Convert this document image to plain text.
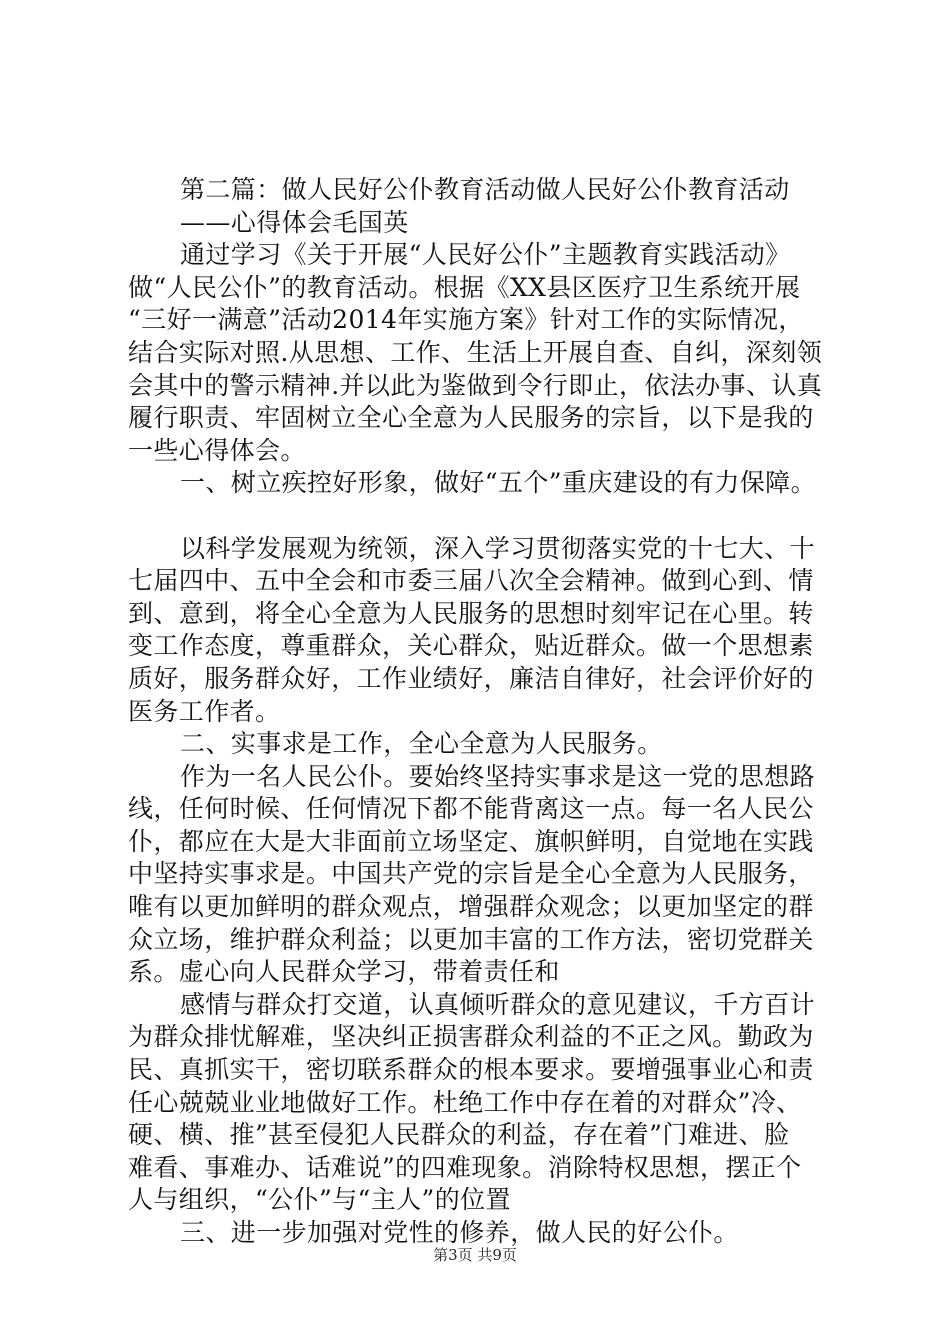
第二篇：做人民好公仆教育活动做人民好公仆教育活动
——心得体会毛国英
通过学习《关于开展“人民好公仆”主题教育实践活动》
做“人民公仆”的教育活动。根据《XX县区医疗卫生系统开展
“三好一满意”活动2014年实施方案》针对工作的实际情况，
结合实际对照.从思想、工作、生活上开展自查、自纠，深刻领
会其中的警示精神.并以此为鉴做到令行即止，依法办事、认真
履行职责、牢固树立全心全意为人民服务的宗旨，以下是我的
一些心得体会。
一、树立疾控好形象，做好“五个”重庆建设的有力保障。
以科学发展观为统领，深入学习贯彻落实党的十七大、十
七届四中、五中全会和市委三届八次全会精神。做到心到、情
到、意到，将全心全意为人民服务的思想时刻牢记在心里。转
变工作态度，尊重群众，关心群众，贴近群众。做一个思想素
质好，服务群众好，工作业绩好，廉洁自律好，社会评价好的
医务工作者。
二、实事求是工作，全心全意为人民服务。
作为一名人民公仆。要始终坚持实事求是这一党的思想路
线，任何时候、任何情况下都不能背离这一点。每一名人民公
仆，都应在大是大非面前立场坚定、旗帜鲜明，自觉地在实践
中坚持实事求是。中国共产党的宗旨是全心全意为人民服务，
唯有以更加鲜明的群众观点，增强群众观念；以更加坚定的群
众立场，维护群众利益；以更加丰富的工作方法，密切党群关
系。虚心向人民群众学习，带着责任和
感情与群众打交道，认真倾听群众的意见建议，千方百计
为群众排忧解难，坚决纠正损害群众利益的不正之风。勤政为
民、真抓实干，密切联系群众的根本要求。要增强事业心和责
任心兢兢业业地做好工作。杜绝工作中存在着的对群众”冷、
硬、横、推”甚至侵犯人民群众的利益，存在着”门难进、脸
难看、事难办、话难说”的四难现象。消除特权思想，摆正个
人与组织，“公仆”与“主人”的位置
三、进一步加强对党性的修养，做人民的好公仆。
第3页 共9页
